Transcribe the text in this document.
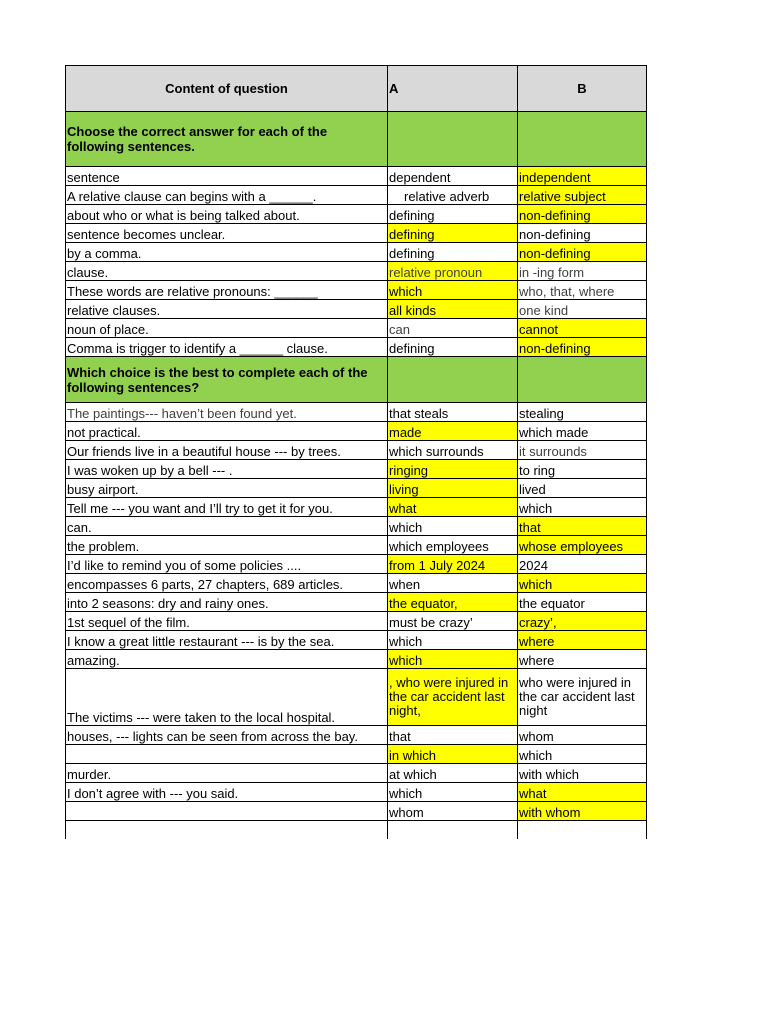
Content of question	A	B
Choose the correct answer for each of the following sentences.		
sentence	dependent	independent
A relative clause can begins with a ______.	relative adverb	relative subject
about who or what is being talked about.	defining	non-defining
sentence becomes unclear.	defining	non-defining
by a comma.	defining	non-defining
clause.	relative pronoun	in -ing form
These words are relative pronouns: ______	which	who, that, where
relative clauses.	all kinds	one kind
noun of place.	can	cannot
Comma is trigger to identify a ______ clause.	defining	non-defining
Which choice is the best to complete each of the following sentences?		
The paintings--- haven’t been found yet.	that steals	stealing
not practical.	made	which made
Our friends live in a beautiful house --- by trees.	which surrounds	it surrounds
I was woken up by a bell --- .	ringing	to ring
busy airport.	living	lived
Tell me --- you want and I’ll try to get it for you.	what	which
can.	which	that
the problem.	which employees	whose employees
I’d like to remind you of some policies ....	from 1 July 2024	2024
encompasses 6 parts, 27 chapters, 689 articles.	when	which
into 2 seasons: dry and rainy ones.	the equator,	the equator
1st sequel of the film.	must be crazy’	crazy’,
I know a great little restaurant --- is by the sea.	which	where
amazing.	which	where
The victims --- were taken to the local hospital.	, who were injured in the car accident last night,	who were injured in the car accident last night
houses, --- lights can be seen from across the bay.	that	whom
	in which	which
murder.	at which	with which
I don’t agree with --- you said.	which	what
	whom	with whom
